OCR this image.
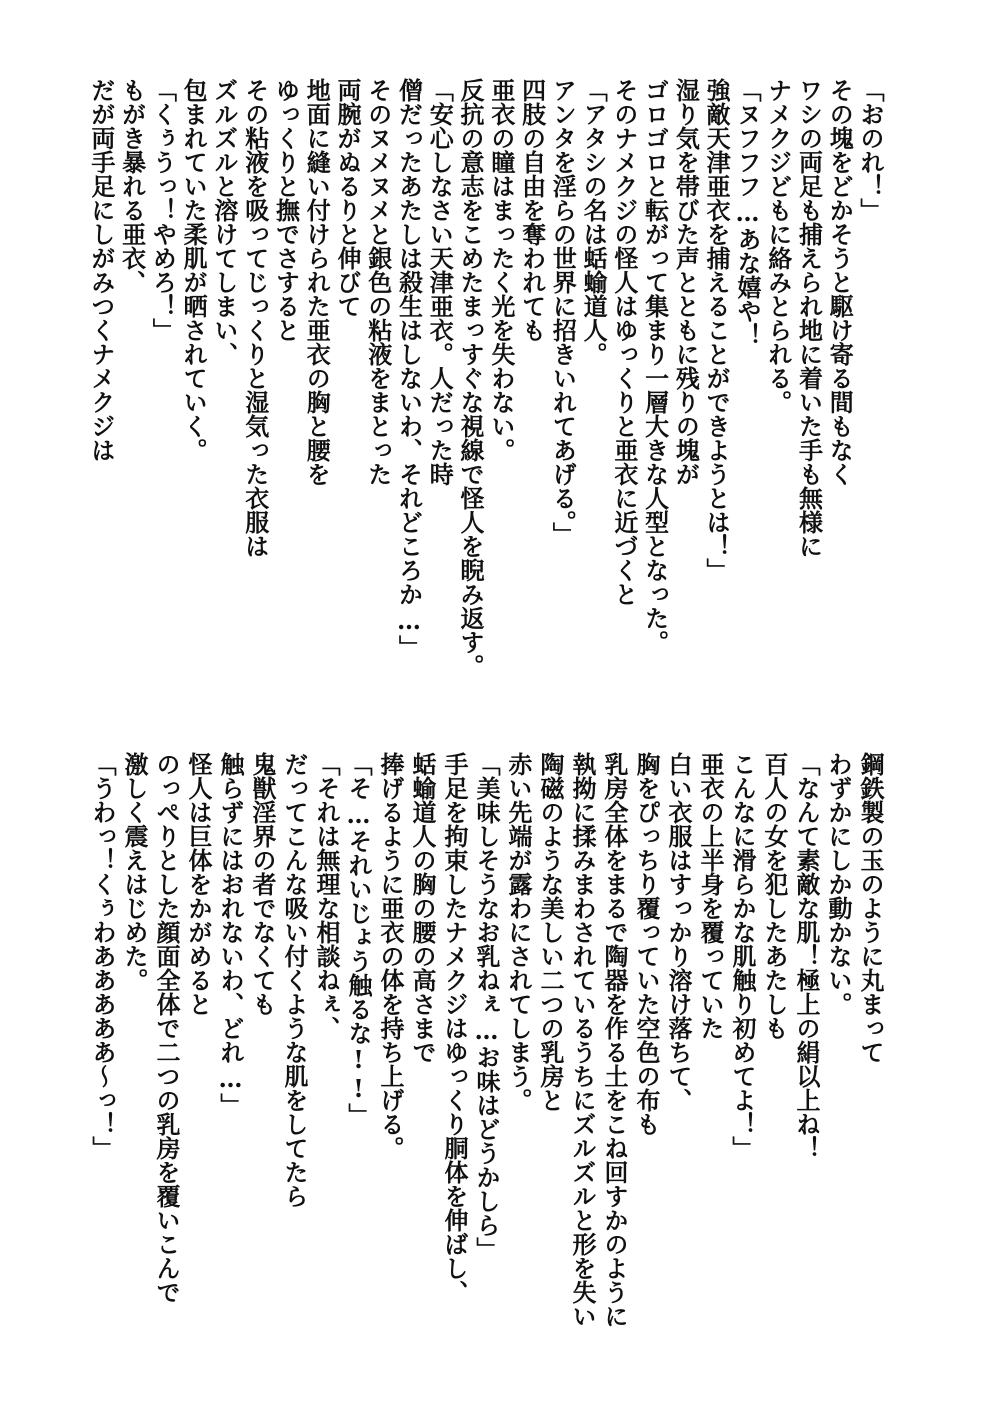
「おのれ！」
その塊をどかそうと駆け寄る間もなく
ワシの両足も捕えられ地に着いた手も無様に
ナメクジどもに絡みとられる。
「ヌフフフ…あな嬉や！
強敵天津亜衣を捕えることができようとは！」
湿り気を帯びた声とともに残りの塊が
ゴロゴロと転がって集まり一層大きな人型となった。
そのナメクジの怪人はゆっくりと亜衣に近づくと
「アタシの名は蛞蝓道人。
アンタを淫らの世界に招きいれてあげる。」
四肢の自由を奪われても
亜衣の瞳はまったく光を失わない。
反抗の意志をこめたまっすぐな視線で怪人を睨み返す。
「安心しなさい天津亜衣。人だった時
僧だったあたしは殺生はしないわ、それどころか…」
そのヌメヌメと銀色の粘液をまとった
両腕がぬるりと伸びて
地面に縫い付けられた亜衣の胸と腰を
ゆっくりと撫でさすると
その粘液を吸ってじっくりと湿気った衣服は
ズルズルと溶けてしまい、
包まれていた柔肌が晒されていく。
「くぅうっ！やめろ！」
もがき暴れる亜衣、
だが両手足にしがみつくナメクジは
鋼鉄製の玉のように丸まって
わずかにしか動かない。
「なんて素敵な肌！極上の絹以上ね！
百人の女を犯したあたしも
こんなに滑らかな肌触り初めてよ！」
亜衣の上半身を覆っていた
白い衣服はすっかり溶け落ちて、
胸をぴっちり覆っていた空色の布も
乳房全体をまるで陶器を作る土をこね回すかのように
執拗に揉みまわされているうちにズルズルと形を失い
陶磁のような美しい二つの乳房と
赤い先端が露わにされてしまう。
「美味しそうなお乳ねぇ…お味はどうかしら」
手足を拘束したナメクジはゆっくり胴体を伸ばし、
蛞蝓道人の胸の腰の高さまで
捧げるように亜衣の体を持ち上げる。
「そ…それいじょう触るな!!」
「それは無理な相談ねぇ、
だってこんな吸い付くような肌をしてたら
鬼獣淫界の者でなくても
触らずにはおれないわ、どれ…」
怪人は巨体をかがめると
のっぺりとした顔面全体で二つの乳房を覆いこんで
激しく震えはじめた。
「うわっ！くぅわあああああ～っ！」
